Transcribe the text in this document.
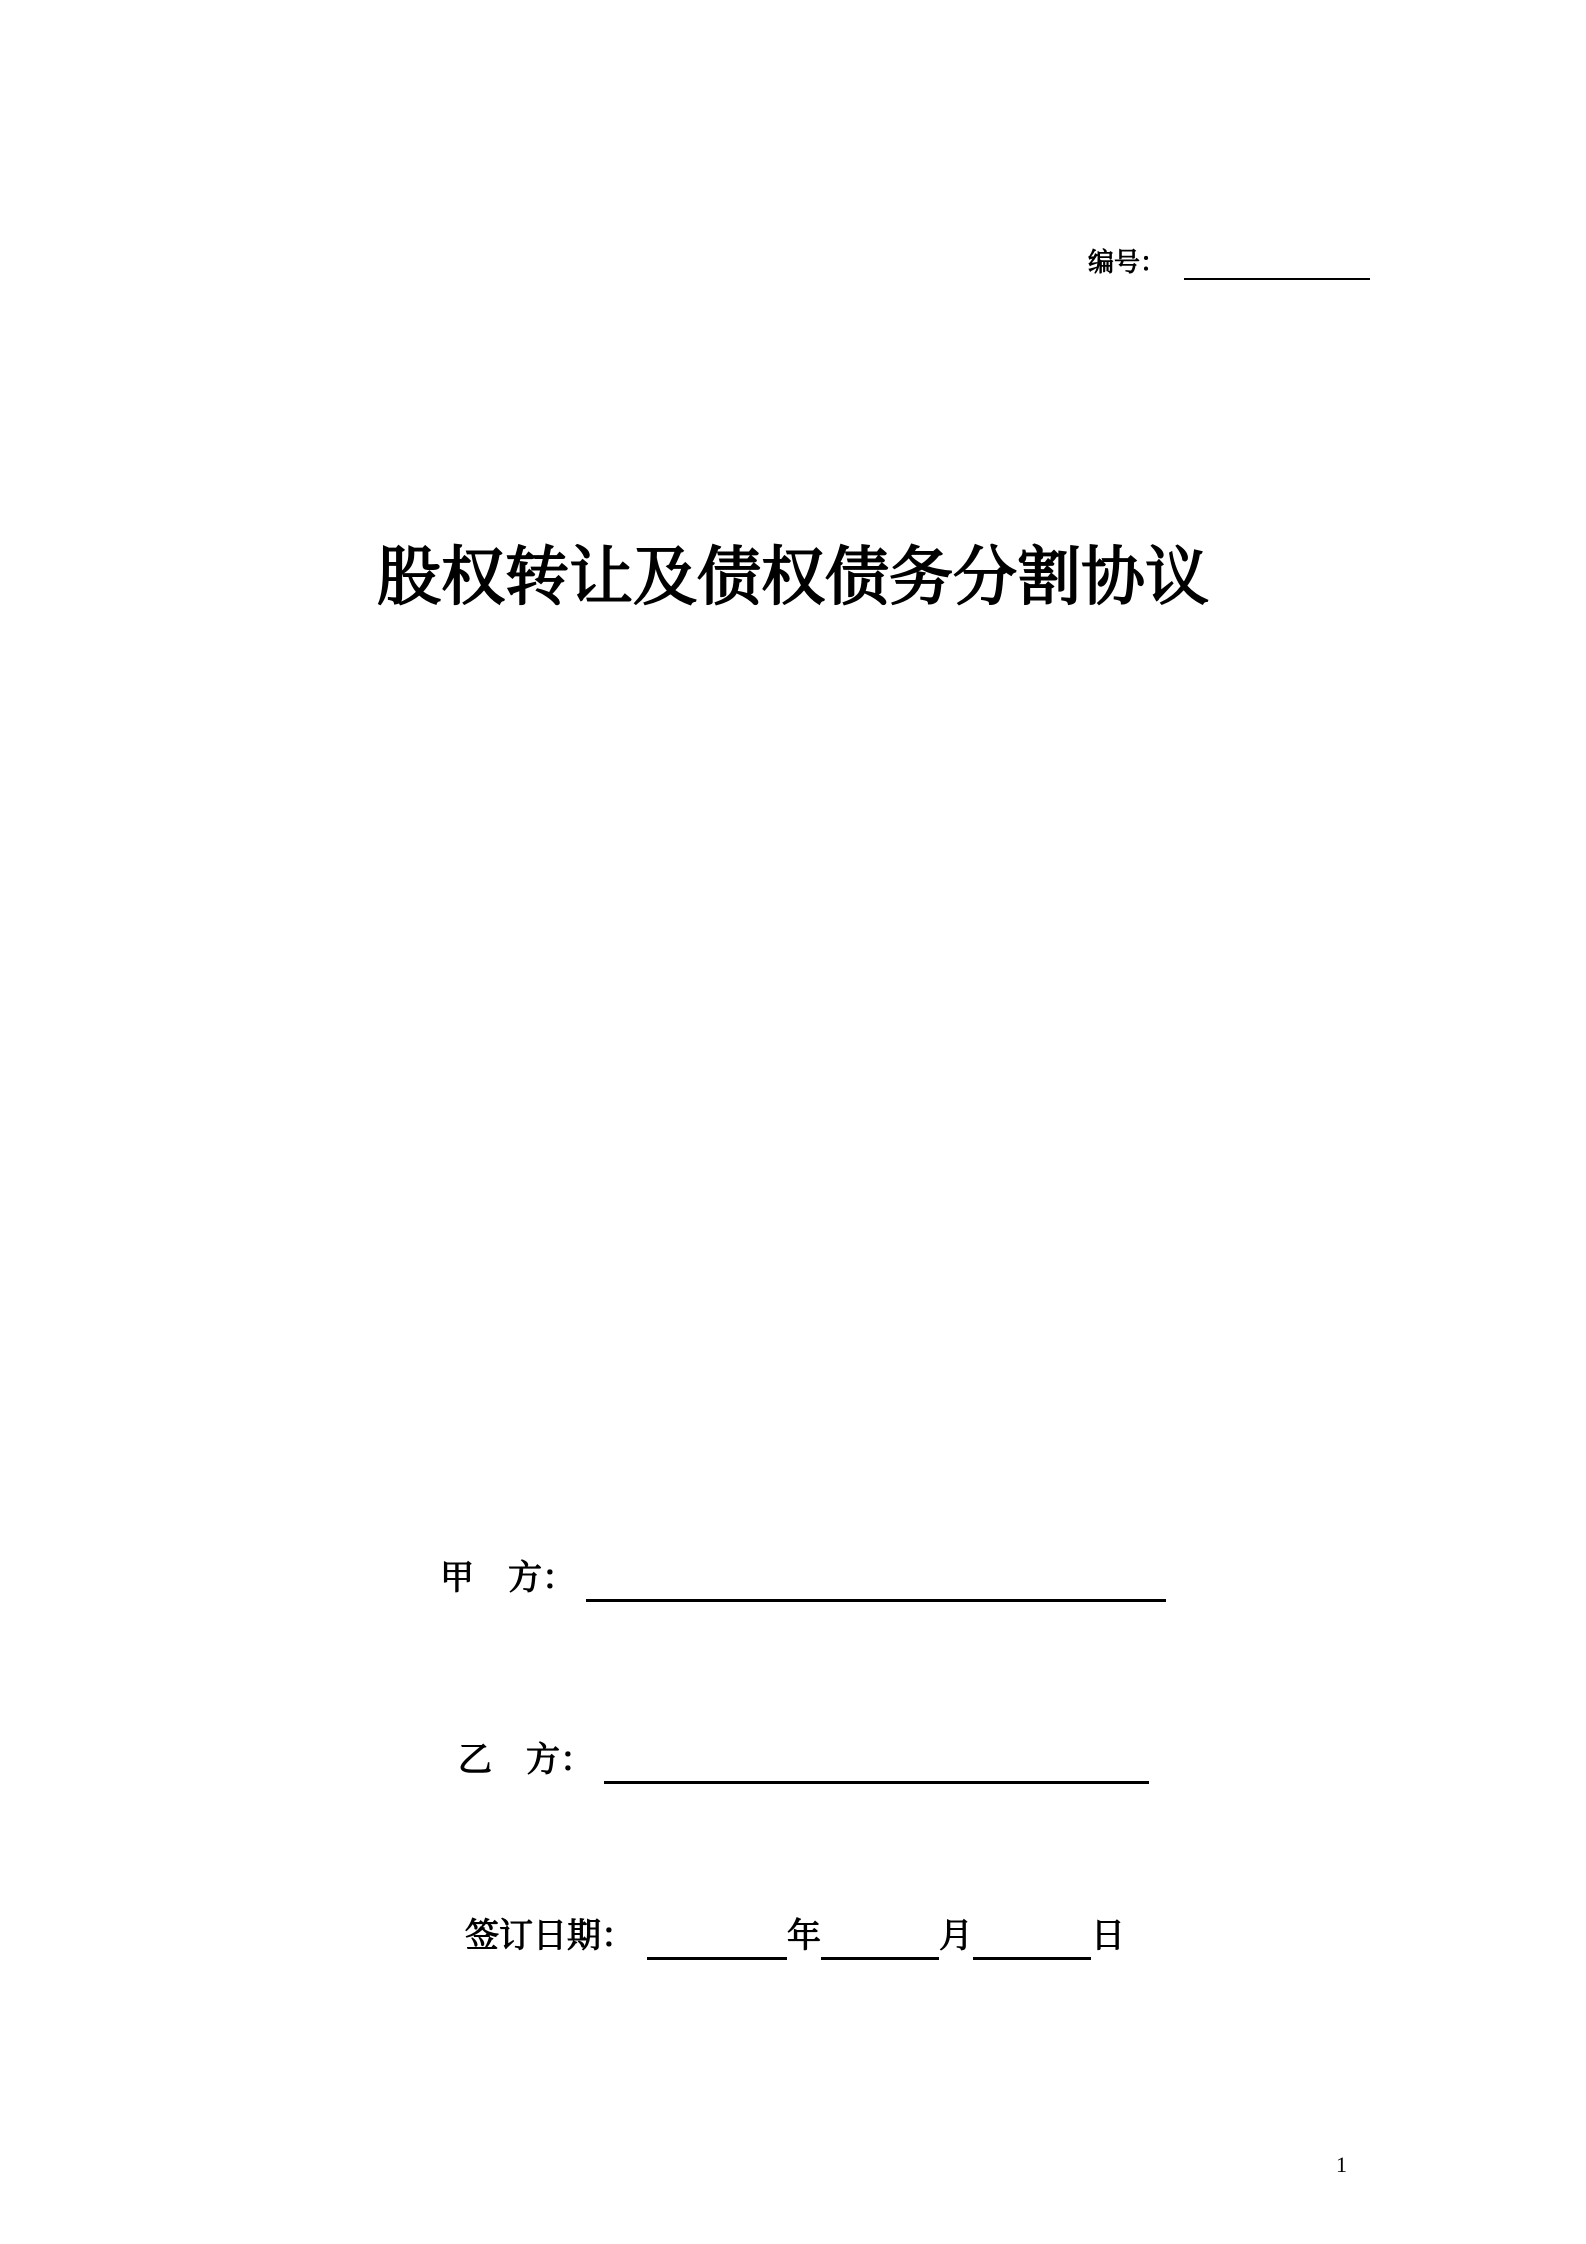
编号：
股权转让及债权债务分割协议
甲　方：
乙　方：
签订日期：	年	月	日
1
